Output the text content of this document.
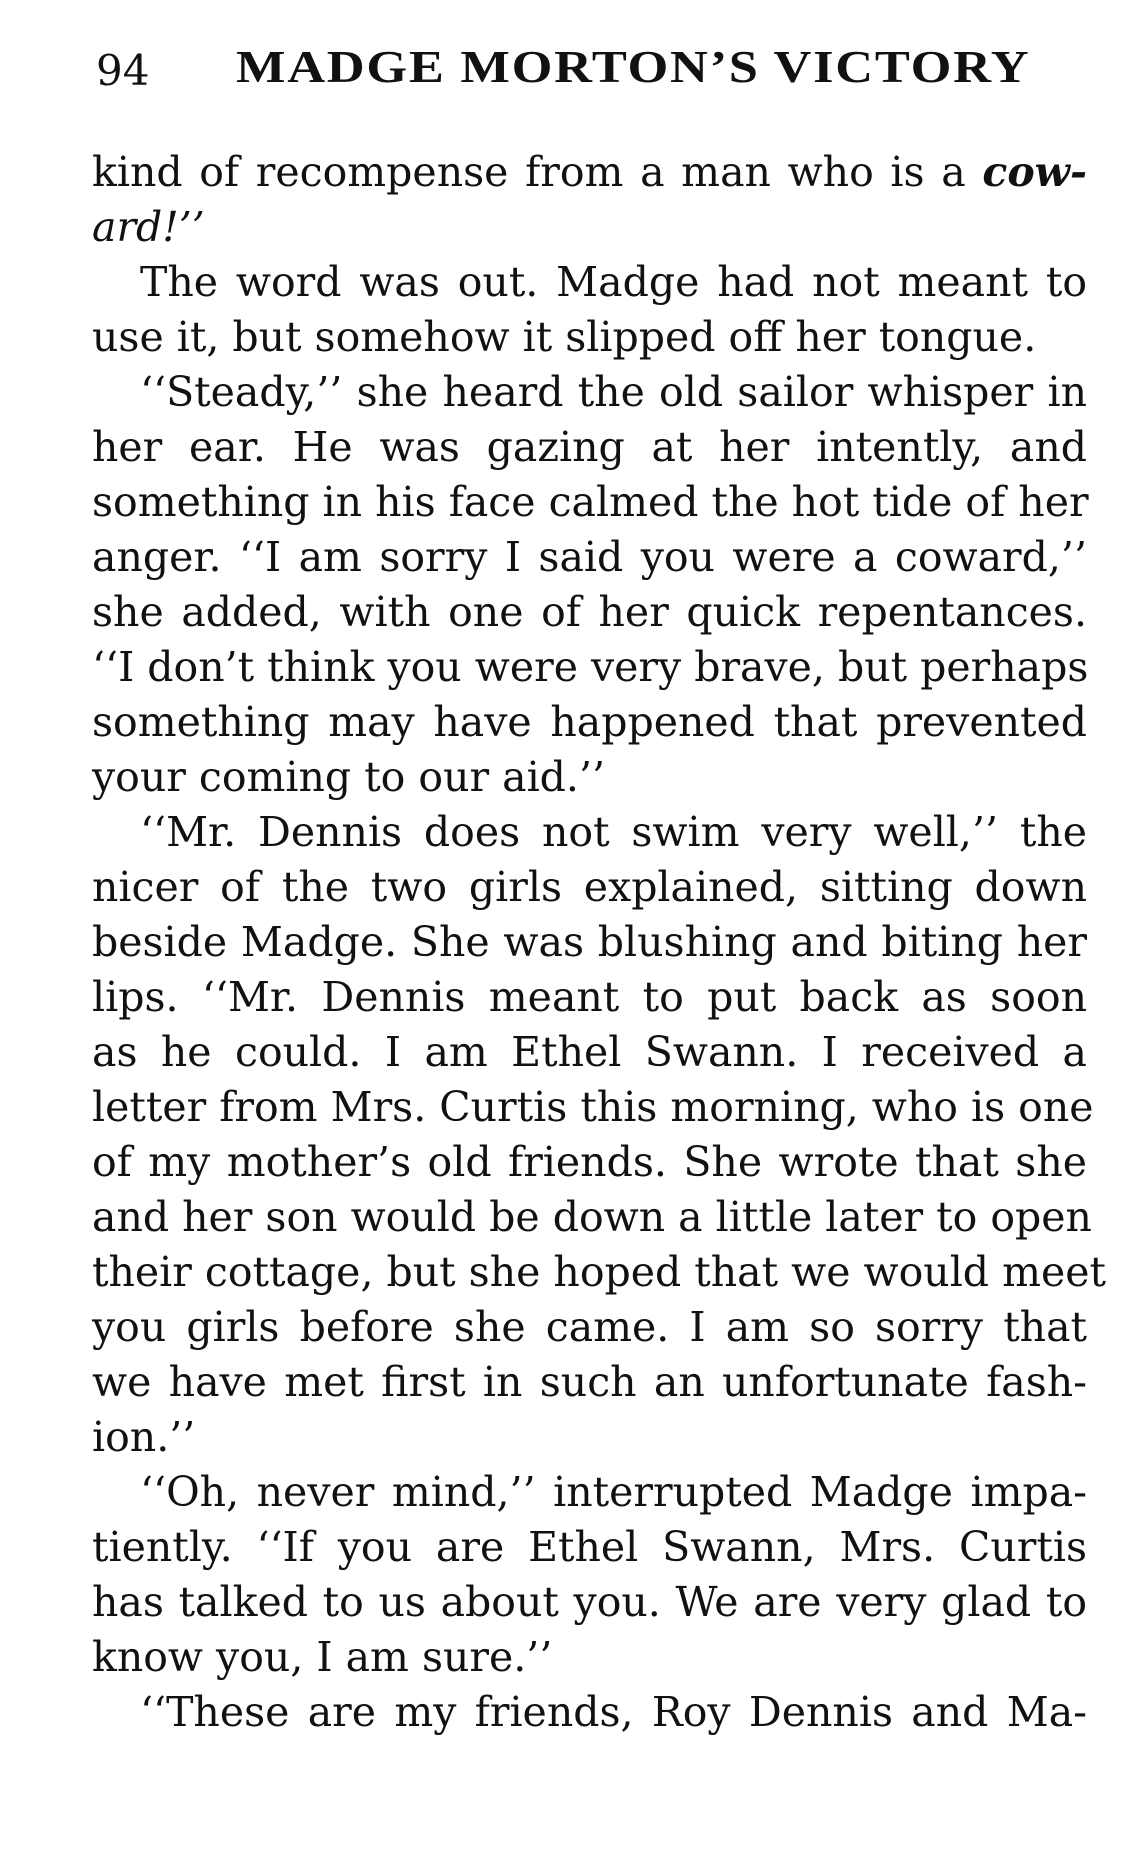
94 MADGE MORTON’S VICTORY
kind of recompense from a man who is a cow-
ard!’’
The word was out. Madge had not meant to
use it, but somehow it slipped off her tongue.
‘‘Steady,’’ she heard the old sailor whisper in
her ear. He was gazing at her intently, and
something in his face calmed the hot tide of her
anger. ‘‘I am sorry I said you were a coward,’’
she added, with one of her quick repentances.
‘‘I don’t think you were very brave, but perhaps
something may have happened that prevented
your coming to our aid.’’
‘‘Mr. Dennis does not swim very well,’’ the
nicer of the two girls explained, sitting down
beside Madge. She was blushing and biting her
lips. ‘‘Mr. Dennis meant to put back as soon
as he could. I am Ethel Swann. I received a
letter from Mrs. Curtis this morning, who is one
of my mother’s old friends. She wrote that she
and her son would be down a little later to open
their cottage, but she hoped that we would meet
you girls before she came. I am so sorry that
we have met first in such an unfortunate fash-
ion.’’
‘‘Oh, never mind,’’ interrupted Madge impa-
tiently. ‘‘If you are Ethel Swann, Mrs. Curtis
has talked to us about you. We are very glad to
know you, I am sure.’’
‘‘These are my friends, Roy Dennis and Ma-
